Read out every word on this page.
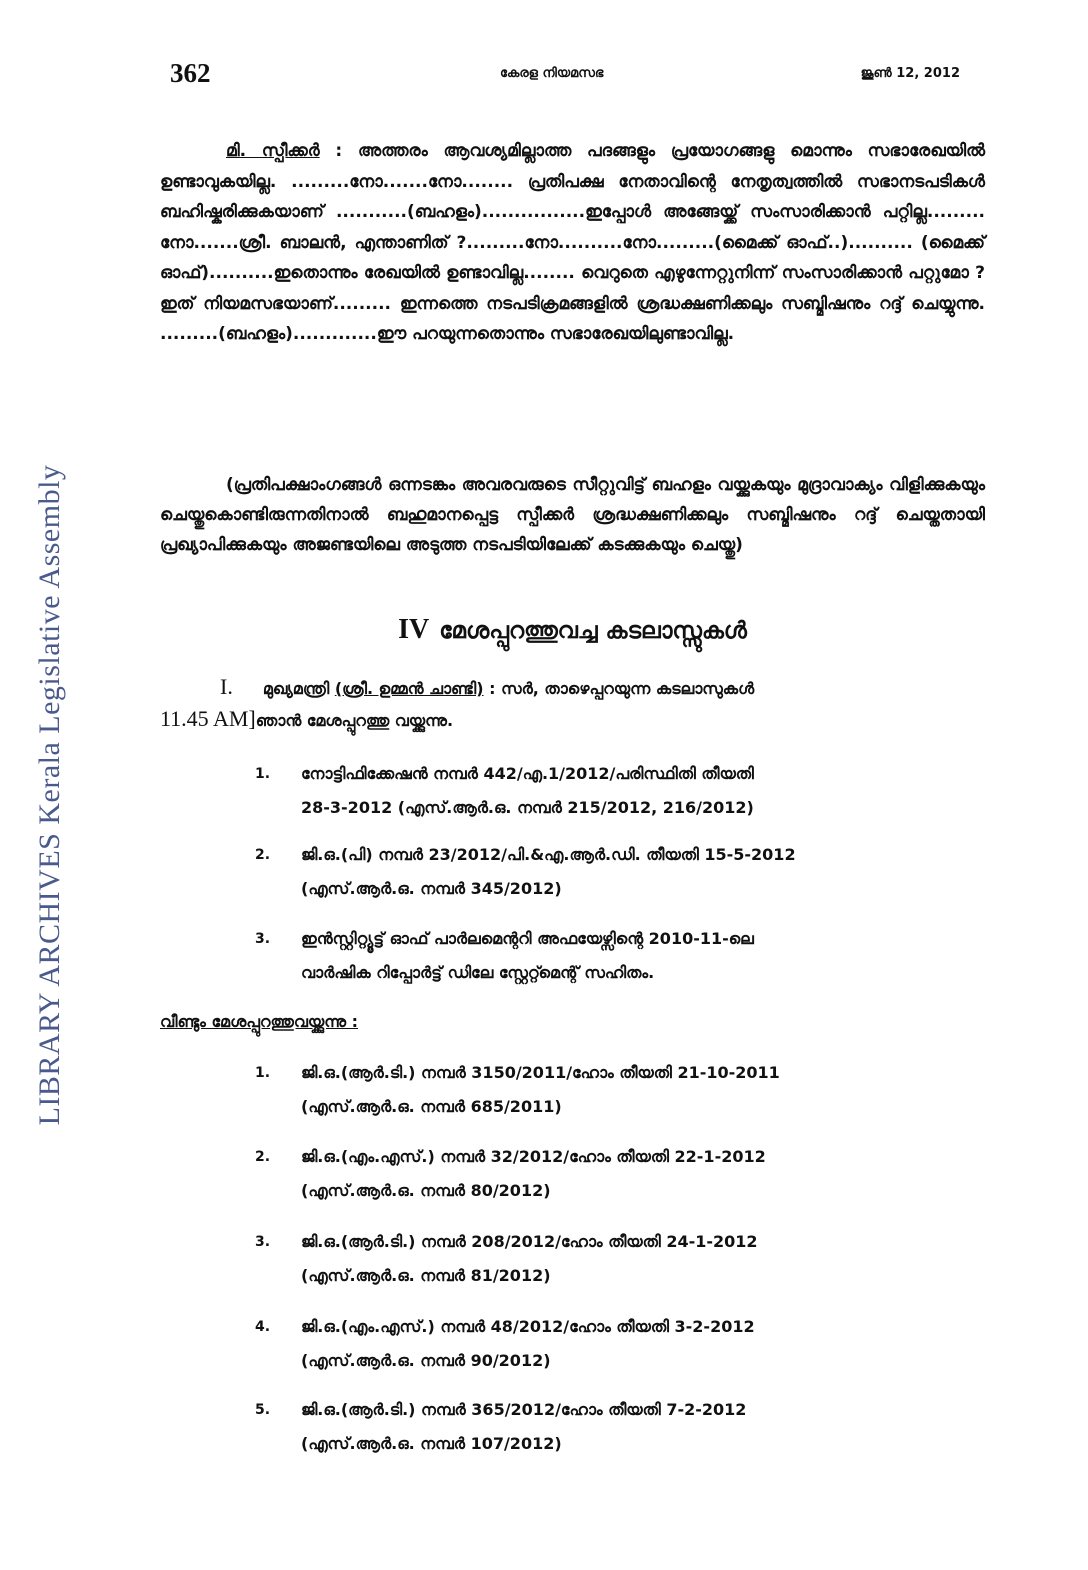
LIBRARY ARCHIVES Kerala Legislative Assembly
362	കേരള നിയമസഭ	ജൂൺ 12, 2012
മി. സ്പീക്കർ : അത്തരം ആവശ്യമില്ലാത്ത പദങ്ങളും പ്രയോഗങ്ങളു മൊന്നും സഭാരേഖയിൽ ഉണ്ടാവുകയില്ല. .........നോ.......നോ........ പ്രതിപക്ഷ നേതാവിന്റെ നേതൃത്വത്തിൽ സഭാനടപടികൾ ബഹിഷ്കരിക്കുകയാണ് ...........(ബഹളം)................ഇപ്പോൾ അങ്ങേയ്ക്ക് സംസാരിക്കാൻ പറ്റില്ല......... നോ.......ശ്രീ. ബാലൻ, എന്താണിത് ?.........നോ..........നോ.........(മൈക്ക് ഓഫ്..).......... (മൈക്ക് ഓഫ്)..........ഇതൊന്നും രേഖയിൽ ഉണ്ടാവില്ല........ വെറുതെ എഴുന്നേറ്റുനിന്ന് സംസാരിക്കാൻ പറ്റുമോ ? ഇത് നിയമസഭയാണ്......... ഇന്നത്തെ നടപടിക്രമങ്ങളിൽ ശ്രദ്ധക്ഷണിക്കലും സബ്മിഷനും റദ്ദ് ചെയ്യുന്നു. .........(ബഹളം).............ഈ പറയുന്നതൊന്നും സഭാരേഖയിലുണ്ടാവില്ല.
(പ്രതിപക്ഷാംഗങ്ങൾ ഒന്നടങ്കം അവരവരുടെ സീറ്റുവിട്ട് ബഹളം വയ്ക്കുകയും മുദ്രാവാക്യം വിളിക്കുകയും ചെയ്തുകൊണ്ടിരുന്നതിനാൽ ബഹുമാനപ്പെട്ട സ്പീക്കർ ശ്രദ്ധക്ഷണിക്കലും സബ്മിഷനും റദ്ദ് ചെയ്തതായി പ്രഖ്യാപിക്കുകയും അജണ്ടയിലെ അടുത്ത നടപടിയിലേക്ക് കടക്കുകയും ചെയ്തു)
IV മേശപ്പുറത്തുവച്ച കടലാസ്സുകൾ
I. മുഖ്യമന്ത്രി (ശ്രീ. ഉമ്മൻ ചാണ്ടി) : സർ, താഴെപ്പറയുന്ന കടലാസുകൾ
11.45 AM]ഞാൻ മേശപ്പുറത്തു വയ്ക്കുന്നു.
1.	നോട്ടിഫിക്കേഷൻ നമ്പർ 442/എ.1/2012/പരിസ്ഥിതി തീയതി
28-3-2012 (എസ്.ആർ.ഒ. നമ്പർ 215/2012, 216/2012)
2.	ജി.ഒ.(പി) നമ്പർ 23/2012/പി.&എ.ആർ.ഡി. തീയതി 15-5-2012
(എസ്.ആർ.ഒ. നമ്പർ 345/2012)
3.	ഇൻസ്റ്റിറ്റ്യൂട്ട് ഓഫ് പാർലമെന്ററി അഫയേഴ്സിന്റെ 2010-11-ലെ
വാർഷിക റിപ്പോർട്ട് ഡിലേ സ്റ്റേറ്റ്മെന്റ് സഹിതം.
വീണ്ടും മേശപ്പുറത്തുവയ്ക്കുന്നു :
1.	ജി.ഒ.(ആർ.ടി.) നമ്പർ 3150/2011/ഹോം തീയതി 21-10-2011
(എസ്.ആർ.ഒ. നമ്പർ 685/2011)
2.	ജി.ഒ.(എം.എസ്.) നമ്പർ 32/2012/ഹോം തീയതി 22-1-2012
(എസ്.ആർ.ഒ. നമ്പർ 80/2012)
3.	ജി.ഒ.(ആർ.ടി.) നമ്പർ 208/2012/ഹോം തീയതി 24-1-2012
(എസ്.ആർ.ഒ. നമ്പർ 81/2012)
4.	ജി.ഒ.(എം.എസ്.) നമ്പർ 48/2012/ഹോം തീയതി 3-2-2012
(എസ്.ആർ.ഒ. നമ്പർ 90/2012)
5.	ജി.ഒ.(ആർ.ടി.) നമ്പർ 365/2012/ഹോം തീയതി 7-2-2012
(എസ്.ആർ.ഒ. നമ്പർ 107/2012)
